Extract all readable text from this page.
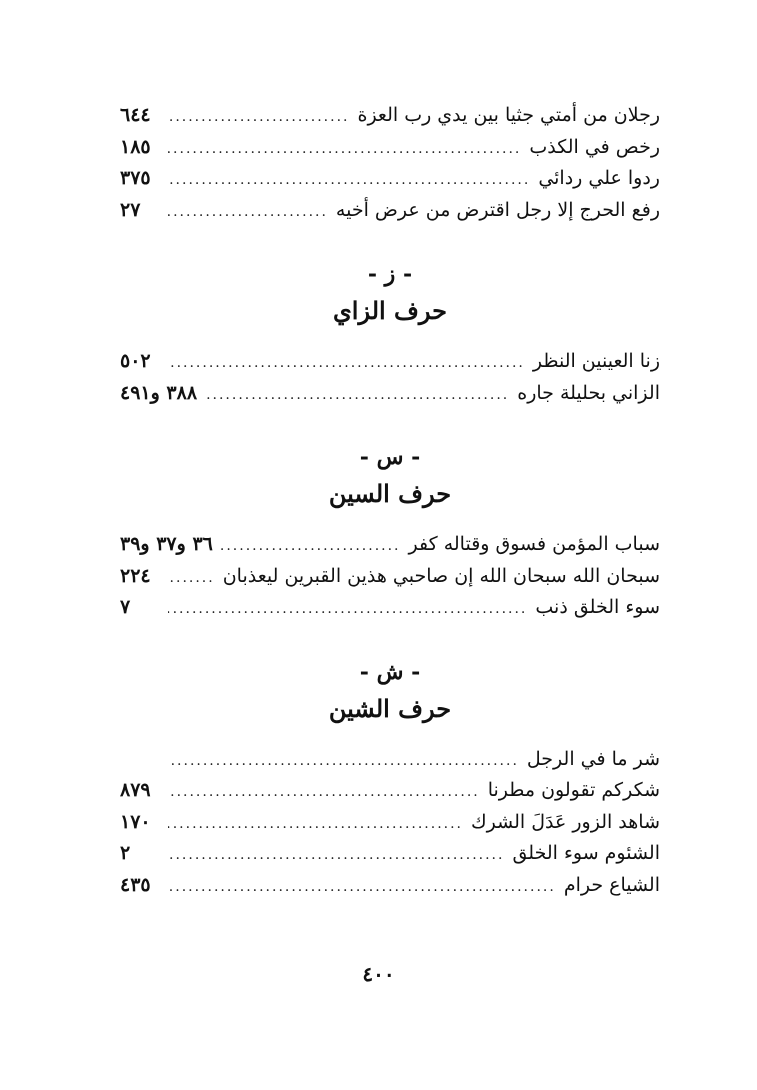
رجلان من أمتي جثيا بين يدي رب العزة
.....
٦٤٤
رخص في الكذب
.....
١٨٥
ردوا علي ردائي
.....
٣٧٥
رفع الحرج إلا رجل اقترض من عرض أخيه
.....
٢٧
- ز -
حرف الزاي
زنا العينين النظر
.....
٥٠٢
الزاني بحليلة جاره
.....
٣٨٨ و٤٩١
- س -
حرف السين
سباب المؤمن فسوق وقتاله كفر
.....
٣٦ و٣٧ و٣٩
سبحان الله سبحان الله إن صاحبي هذين القبرين ليعذبان
.....
٢٢٤
سوء الخلق ذنب
.....
٧
- ش -
حرف الشين
شر ما في الرجل
.....
شكركم تقولون مطرنا
.....
٨٧٩
شاهد الزور عَدَلَ الشرك
.....
١٧٠
الشئوم سوء الخلق
.....
٢
الشياع حرام
.....
٤٣٥
٤٠٠
